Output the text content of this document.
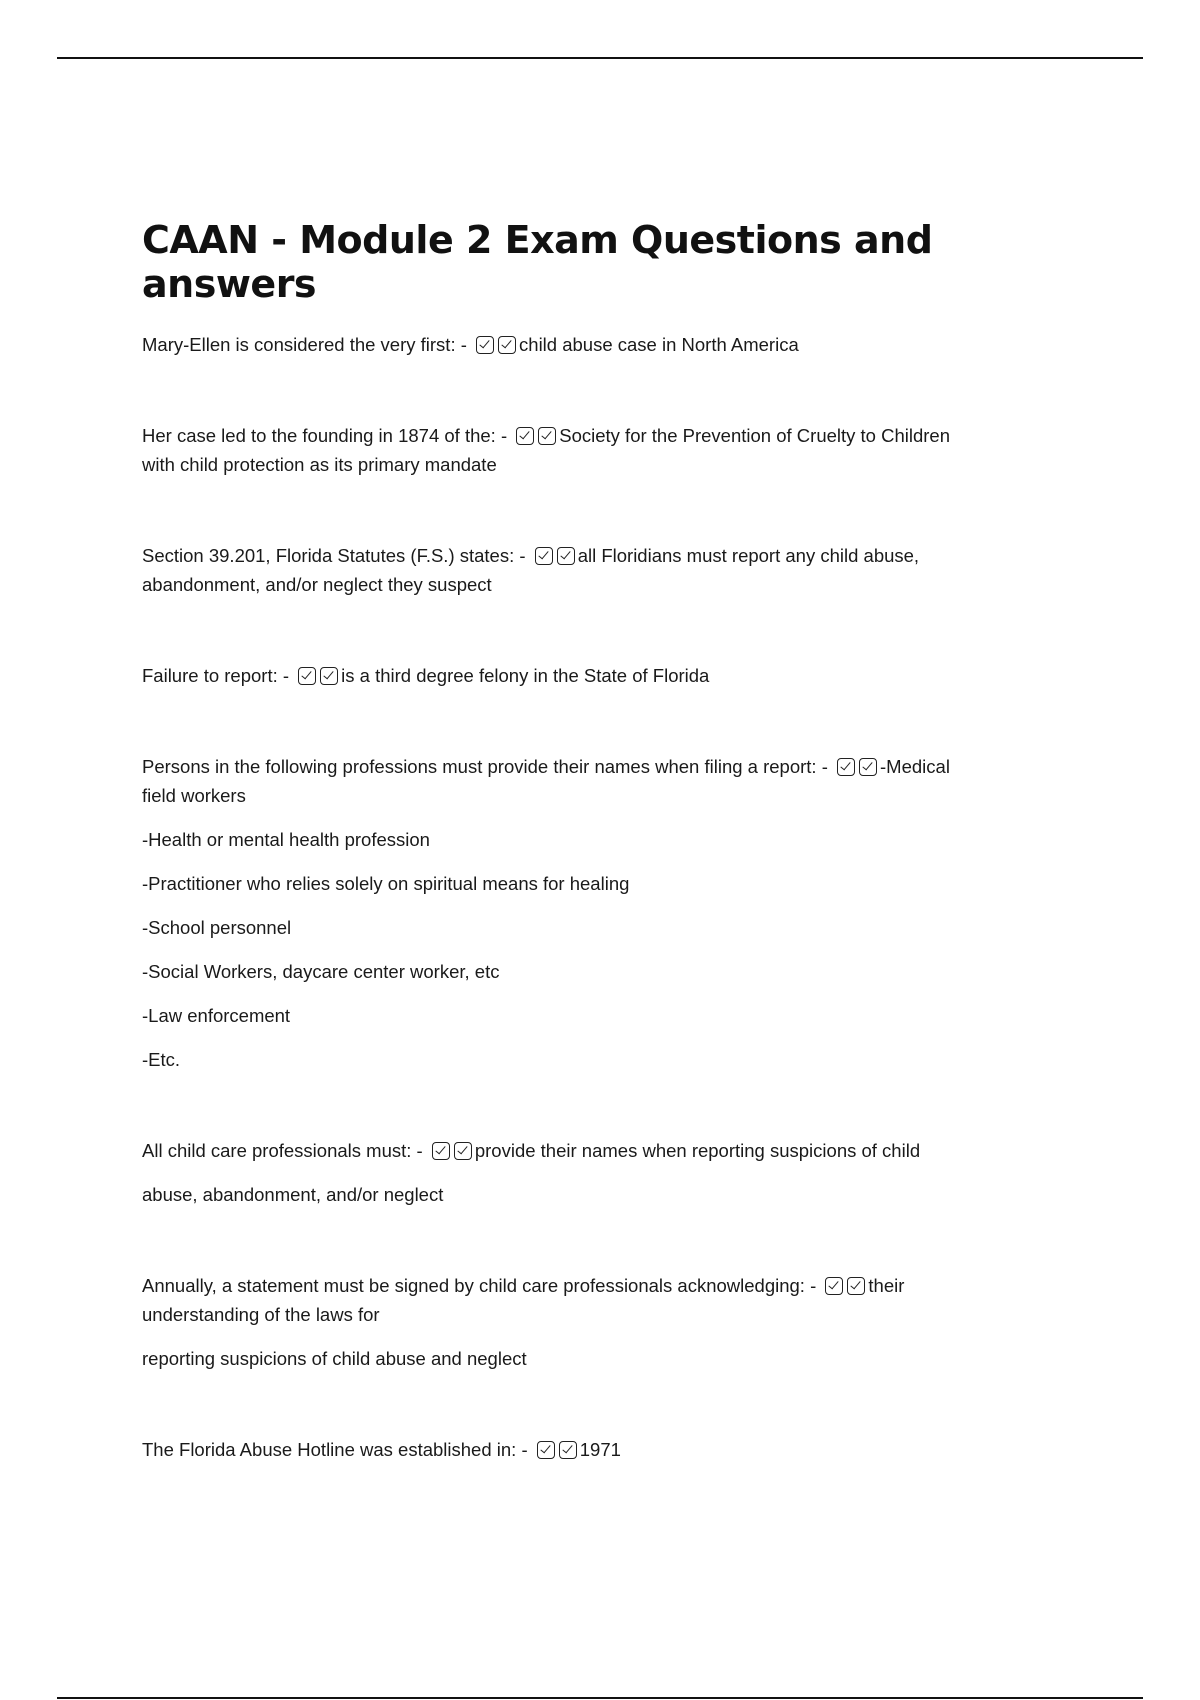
CAAN - Module 2 Exam Questions and answers
Mary-Ellen is considered the very first: -	child abuse case in North America
Her case led to the founding in 1874 of the: -	Society for the Prevention of Cruelty to Children
with child protection as its primary mandate
Section 39.201, Florida Statutes (F.S.) states: -	all Floridians must report any child abuse,
abandonment, and/or neglect they suspect
Failure to report: -	is a third degree felony in the State of Florida
Persons in the following professions must provide their names when filing a report: -	-Medical
field workers
-Health or mental health profession
-Practitioner who relies solely on spiritual means for healing
-School personnel
-Social Workers, daycare center worker, etc
-Law enforcement
-Etc.
All child care professionals must: -	provide their names when reporting suspicions of child
abuse, abandonment, and/or neglect
Annually, a statement must be signed by child care professionals acknowledging: -	their
understanding of the laws for
reporting suspicions of child abuse and neglect
The Florida Abuse Hotline was established in: -	1971
